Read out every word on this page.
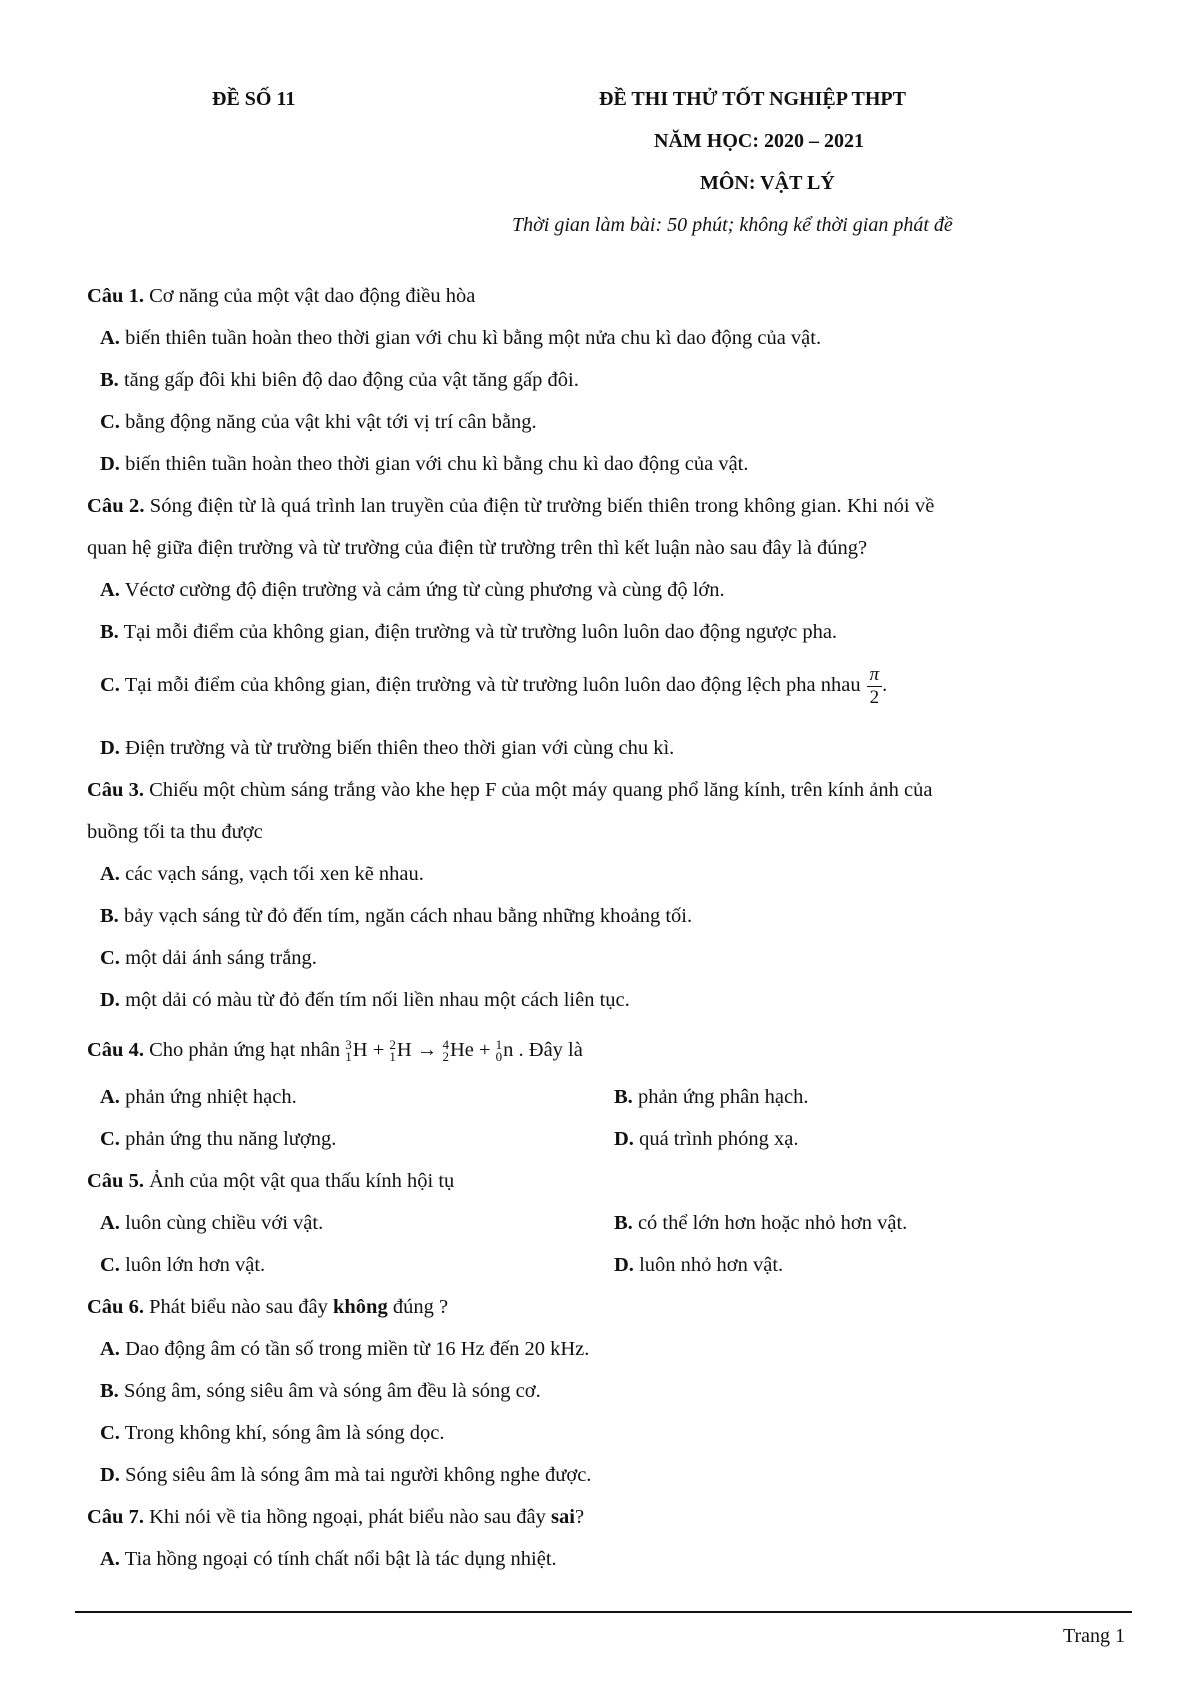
ĐỀ SỐ 11	ĐỀ THI THỬ TỐT NGHIỆP THPT
NĂM HỌC: 2020 – 2021
MÔN: VẬT LÝ
Thời gian làm bài: 50 phút; không kể thời gian phát đề
Câu 1. Cơ năng của một vật dao động điều hòa
A. biến thiên tuần hoàn theo thời gian với chu kì bằng một nửa chu kì dao động của vật.
B. tăng gấp đôi khi biên độ dao động của vật tăng gấp đôi.
C. bằng động năng của vật khi vật tới vị trí cân bằng.
D. biến thiên tuần hoàn theo thời gian với chu kì bằng chu kì dao động của vật.
Câu 2. Sóng điện từ là quá trình lan truyền của điện từ trường biến thiên trong không gian. Khi nói về
quan hệ giữa điện trường và từ trường của điện từ trường trên thì kết luận nào sau đây là đúng?
A. Véctơ cường độ điện trường và cảm ứng từ cùng phương và cùng độ lớn.
B. Tại mỗi điểm của không gian, điện trường và từ trường luôn luôn dao động ngược pha.
C. Tại mỗi điểm của không gian, điện trường và từ trường luôn luôn dao động lệch pha nhau $\frac{\pi}{2}$ .
D. Điện trường và từ trường biến thiên theo thời gian với cùng chu kì.
Câu 3. Chiếu một chùm sáng trắng vào khe hẹp F của một máy quang phổ lăng kính, trên kính ảnh của
buồng tối ta thu được
A. các vạch sáng, vạch tối xen kẽ nhau.
B. bảy vạch sáng từ đỏ đến tím, ngăn cách nhau bằng những khoảng tối.
C. một dải ánh sáng trắng.
D. một dải có màu từ đỏ đến tím nối liền nhau một cách liên tục.
Câu 4. Cho phản ứng hạt nhân 3
1 H + 2
1 H → 4
2 He + 1
0 n . Đây là
A. phản ứng nhiệt hạch.	B. phản ứng phân hạch.
C. phản ứng thu năng lượng.	D. quá trình phóng xạ.
Câu 5. Ảnh của một vật qua thấu kính hội tụ
A. luôn cùng chiều với vật.	B. có thể lớn hơn hoặc nhỏ hơn vật.
C. luôn lớn hơn vật.	D. luôn nhỏ hơn vật.
Câu 6. Phát biểu nào sau đây không đúng ?
A. Dao động âm có tần số trong miền từ 16 Hz đến 20 kHz.
B. Sóng âm, sóng siêu âm và sóng âm đều là sóng cơ.
C. Trong không khí, sóng âm là sóng dọc.
D. Sóng siêu âm là sóng âm mà tai người không nghe được.
Câu 7. Khi nói về tia hồng ngoại, phát biểu nào sau đây sai?
A. Tia hồng ngoại có tính chất nổi bật là tác dụng nhiệt.
Trang 1
